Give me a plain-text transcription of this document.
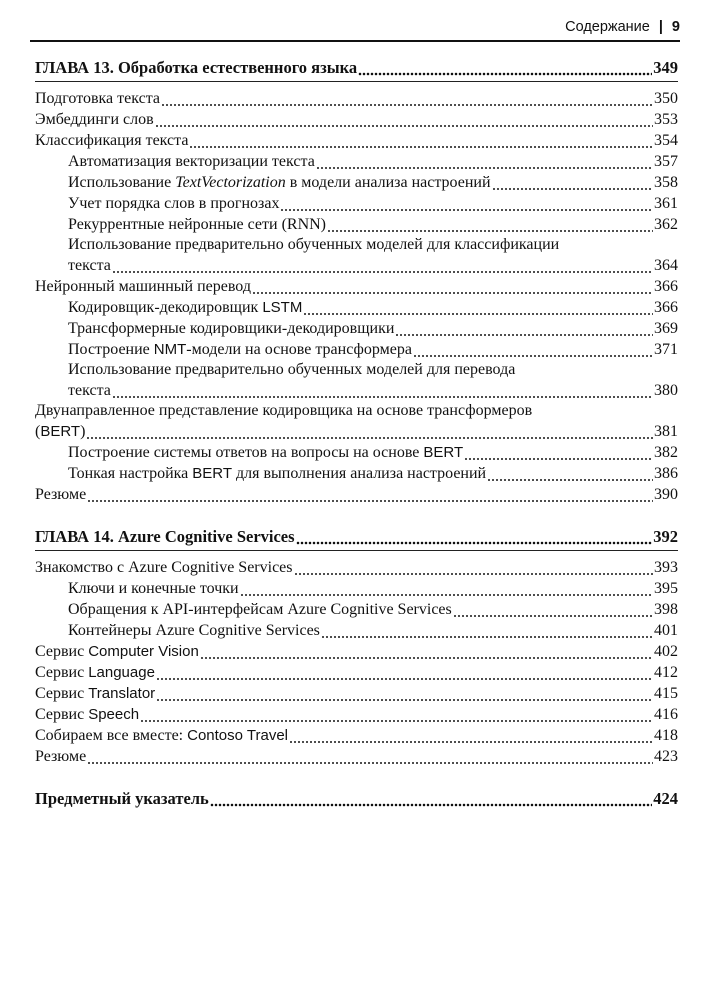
Содержание | 9
ГЛАВА 13. Обработка естественного языка	349
Подготовка текста	350
Эмбеддинги слов	353
Классификация текста	354
Автоматизация векторизации текста	357
Использование TextVectorization в модели анализа настроений	358
Учет порядка слов в прогнозах	361
Рекуррентные нейронные сети (RNN)	362
Использование предварительно обученных моделей для классификации
текста	364
Нейронный машинный перевод	366
Кодировщик-декодировщик LSTM	366
Трансформерные кодировщики-декодировщики	369
Построение NMT-модели на основе трансформера	371
Использование предварительно обученных моделей для перевода
текста	380
Двунаправленное представление кодировщика на основе трансформеров
(BERT)	381
Построение системы ответов на вопросы на основе BERT	382
Тонкая настройка BERT для выполнения анализа настроений	386
Резюме	390
ГЛАВА 14. Azure Cognitive Services	392
Знакомство с Azure Cognitive Services	393
Ключи и конечные точки	395
Обращения к API-интерфейсам Azure Cognitive Services	398
Контейнеры Azure Cognitive Services	401
Сервис Computer Vision	402
Сервис Language	412
Сервис Translator	415
Сервис Speech	416
Собираем все вместе: Contoso Travel	418
Резюме	423
Предметный указатель	424
